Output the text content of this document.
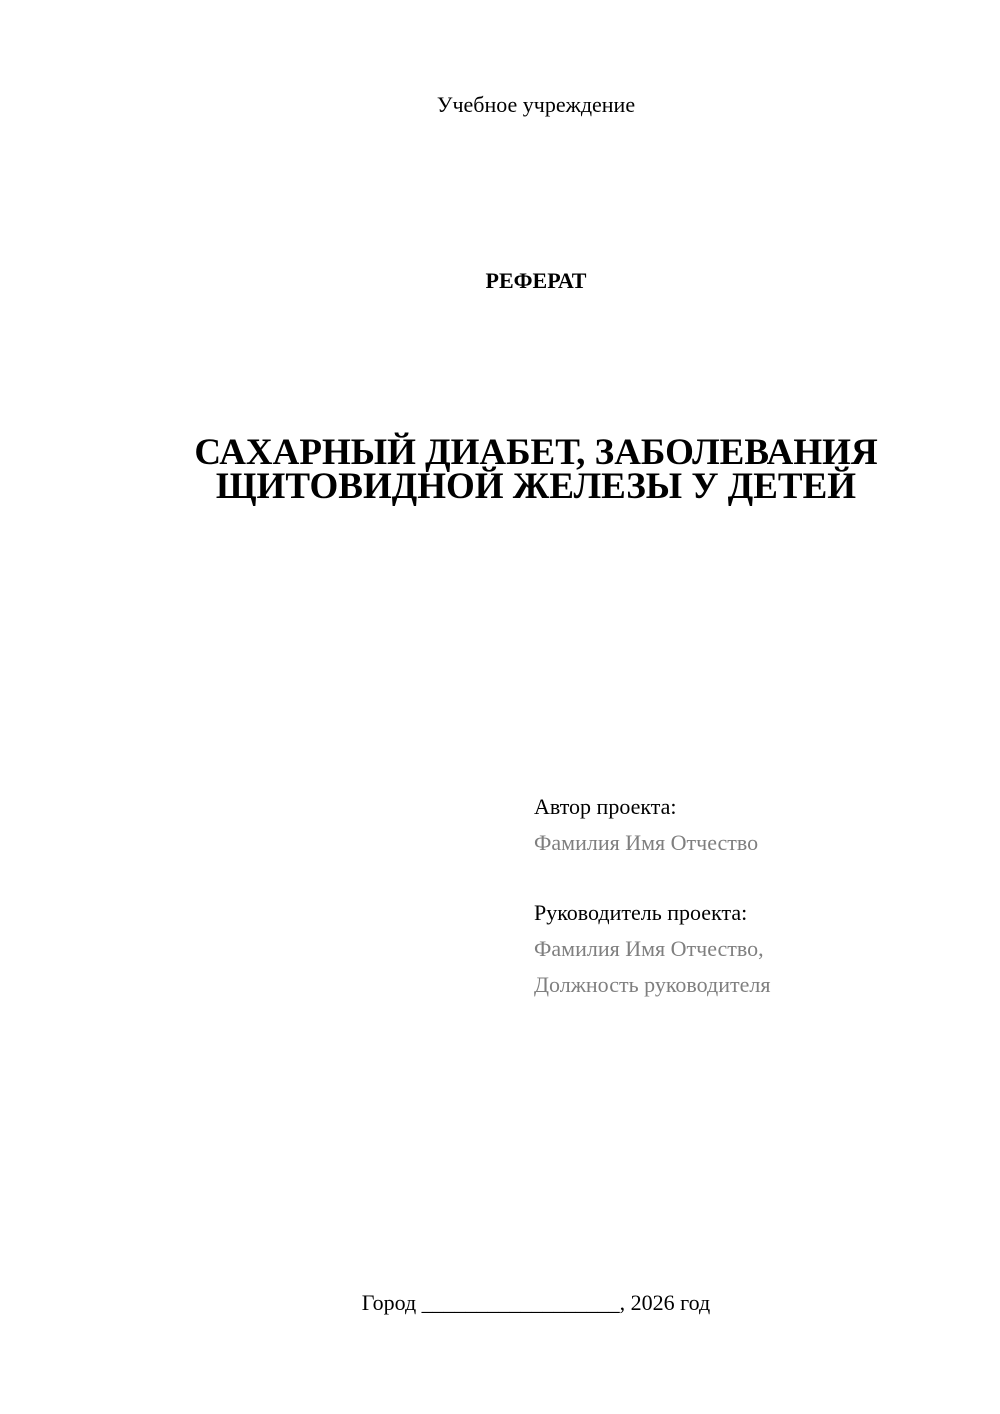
Учебное учреждение
РЕФЕРАТ
САХАРНЫЙ ДИАБЕТ, ЗАБОЛЕВАНИЯ
ЩИТОВИДНОЙ ЖЕЛЕЗЫ У ДЕТЕЙ
Автор проекта:
Фамилия Имя Отчество
Руководитель проекта:
Фамилия Имя Отчество,
Должность руководителя
Город __________________, 2026 год
